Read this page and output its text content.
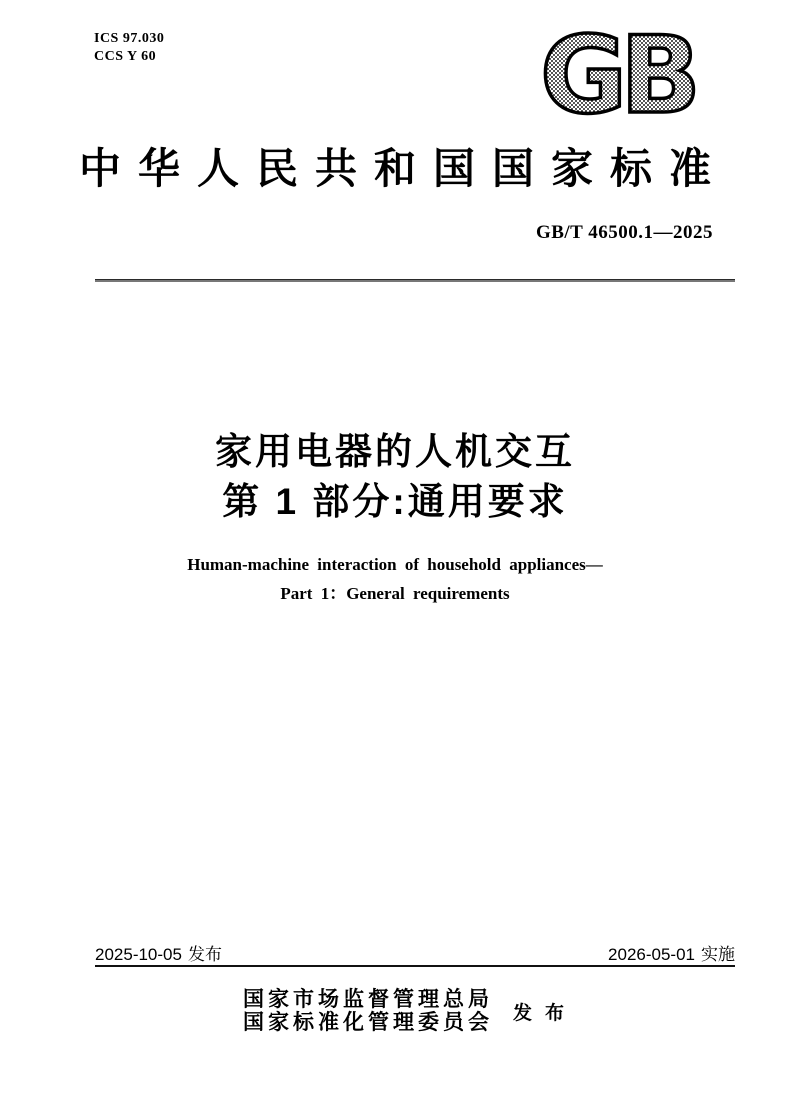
ICS 97.030
CCS Y 60	GB
中华人民共和国国家标准
GB/T 46500.1—2025
家用电器的人机交互
第 1 部分:通用要求
Human-machine interaction of household appliances—
Part 1：General requirements
2025-10-05 发布	2026-05-01 实施
国家市场监督管理总局
国家标准化管理委员会 发布
